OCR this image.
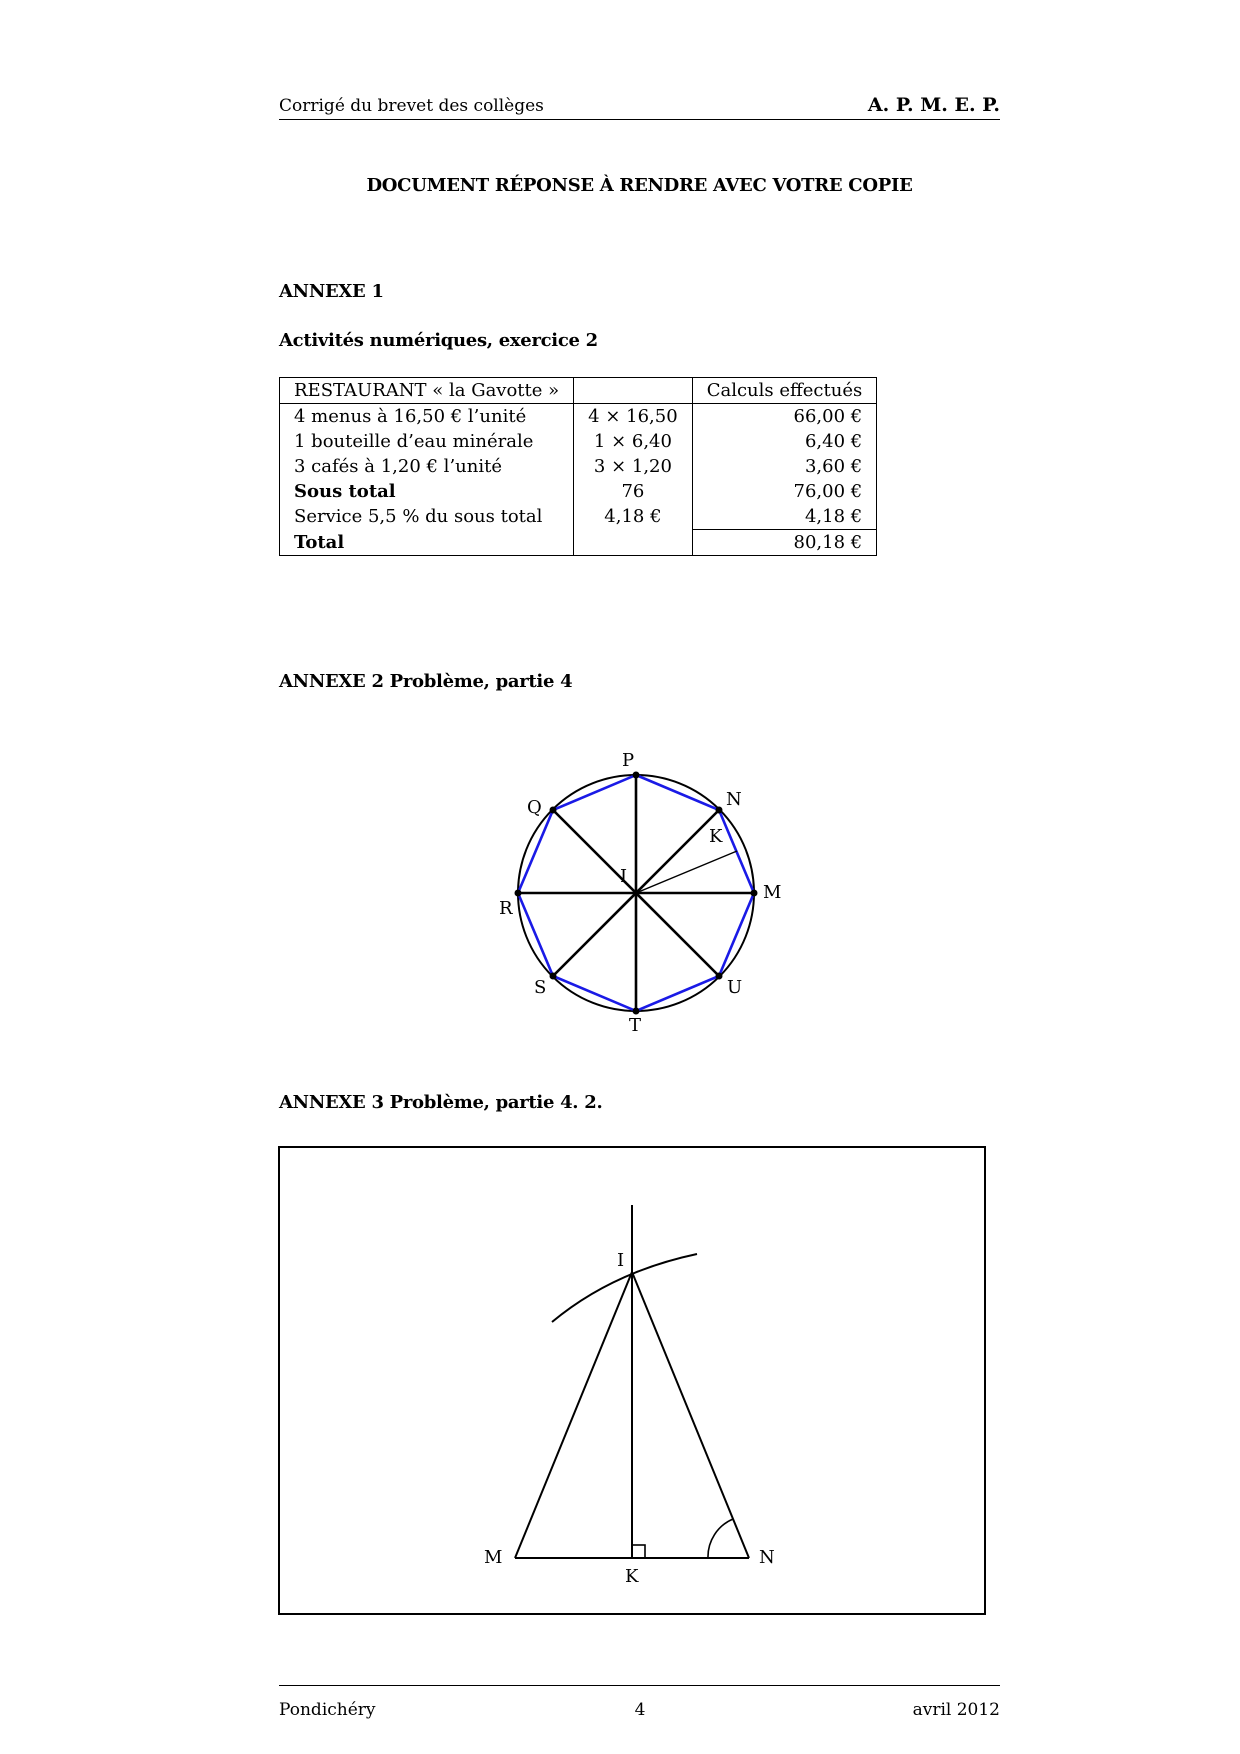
Corrigé du brevet des collèges	A. P. M. E. P.
DOCUMENT RÉPONSE À RENDRE AVEC VOTRE COPIE
ANNEXE 1
Activités numériques, exercice 2
RESTAURANT « la Gavotte »		Calculs effectués
4 menus à 16,50 € l’unité	4 × 16,50	66,00 €
1 bouteille d’eau minérale	1 × 6,40	6,40 €
3 cafés à 1,20 € l’unité	3 × 1,20	3,60 €
Sous total	76	76,00 €
Service 5,5 % du sous total	4,18 €	4,18 €
Total		80,18 €
ANNEXE 2 Problème, partie 4
P
N
Q
K
I
M
R
S	U
T
I
M
K
N
ANNEXE 3 Problème, partie 4. 2.
Pondichéry	4	avril 2012
